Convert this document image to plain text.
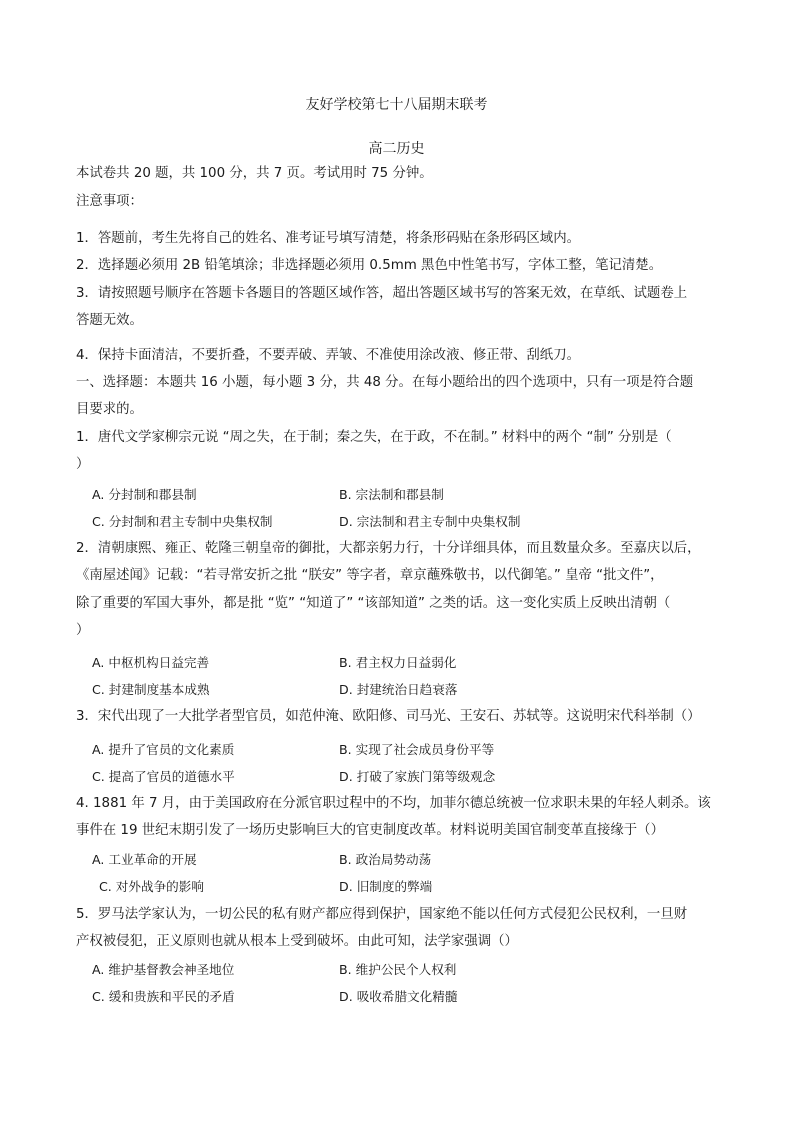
友好学校第七十八届期末联考
高二历史
本试卷共 20 题，共 100 分，共 7 页。考试用时 75 分钟。
注意事项：
1．答题前，考生先将自己的姓名、准考证号填写清楚，将条形码贴在条形码区域内。
2．选择题必须用 2B 铅笔填涂；非选择题必须用 0.5mm 黑色中性笔书写，字体工整，笔记清楚。
3．请按照题号顺序在答题卡各题目的答题区域作答，超出答题区域书写的答案无效，在草纸、试题卷上
答题无效。
4．保持卡面清洁，不要折叠，不要弄破、弄皱、不准使用涂改液、修正带、刮纸刀。
一、选择题：本题共 16 小题，每小题 3 分，共 48 分。在每小题给出的四个选项中，只有一项是符合题
目要求的。
1．唐代文学家柳宗元说 “周之失，在于制；秦之失，在于政，不在制。” 材料中的两个 “制” 分别是（
）
A. 分封制和郡县制	B. 宗法制和郡县制
C. 分封制和君主专制中央集权制	D. 宗法制和君主专制中央集权制
2．清朝康熙、雍正、乾隆三朝皇帝的御批，大都亲躬力行，十分详细具体，而且数量众多。至嘉庆以后，
《南屋述闻》记载：“若寻常安折之批 “朕安” 等字者，章京蘸殊敬书，以代御笔。” 皇帝 “批文件”，
除了重要的军国大事外，都是批 “览” “知道了” “该部知道” 之类的话。这一变化实质上反映出清朝（
）
A. 中枢机构日益完善	B. 君主权力日益弱化
C. 封建制度基本成熟	D. 封建统治日趋衰落
3．宋代出现了一大批学者型官员，如范仲淹、欧阳修、司马光、王安石、苏轼等。这说明宋代科举制（）
A. 提升了官员的文化素质	B. 实现了社会成员身份平等
C. 提高了官员的道德水平	D. 打破了家族门第等级观念
4. 1881 年 7 月，由于美国政府在分派官职过程中的不均，加菲尔德总统被一位求职未果的年轻人刺杀。该
事件在 19 世纪末期引发了一场历史影响巨大的官吏制度改革。材料说明美国官制变革直接缘于（）
A. 工业革命的开展	B. 政治局势动荡
C. 对外战争的影响	D. 旧制度的弊端
5．罗马法学家认为，一切公民的私有财产都应得到保护，国家绝不能以任何方式侵犯公民权利，一旦财
产权被侵犯，正义原则也就从根本上受到破坏。由此可知，法学家强调（）
A. 维护基督教会神圣地位	B. 维护公民个人权利
C. 缓和贵族和平民的矛盾	D. 吸收希腊文化精髓
